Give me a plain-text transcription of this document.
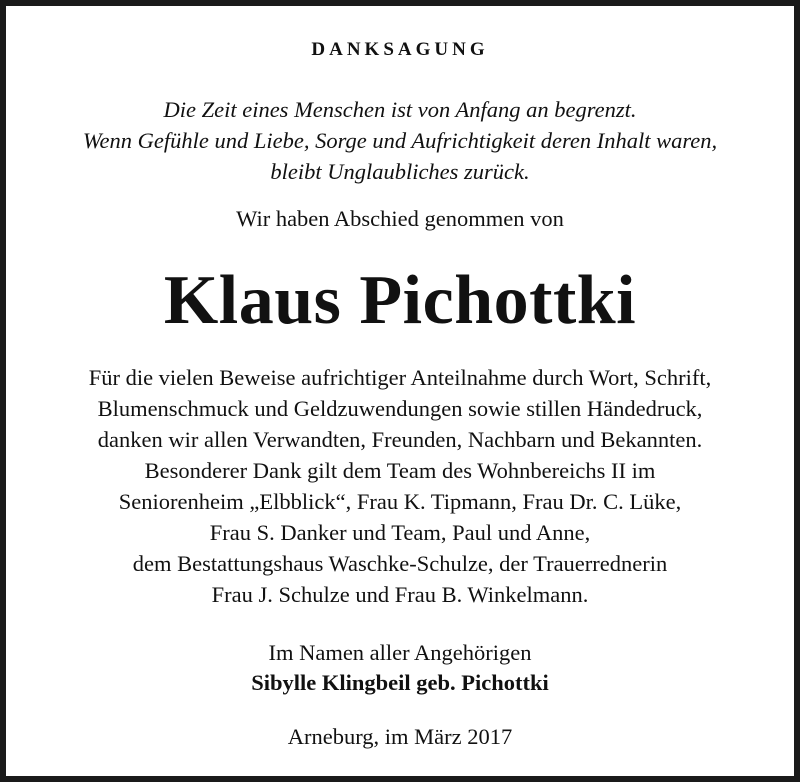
DANKSAGUNG
Die Zeit eines Menschen ist von Anfang an begrenzt.
Wenn Gefühle und Liebe, Sorge und Aufrichtigkeit deren Inhalt waren,
bleibt Unglaubliches zurück.
Wir haben Abschied genommen von
Klaus Pichottki
Für die vielen Beweise aufrichtiger Anteilnahme durch Wort, Schrift,
Blumenschmuck und Geldzuwendungen sowie stillen Händedruck,
danken wir allen Verwandten, Freunden, Nachbarn und Bekannten.
Besonderer Dank gilt dem Team des Wohnbereichs II im
Seniorenheim „Elbblick“, Frau K. Tipmann, Frau Dr. C. Lüke,
Frau S. Danker und Team, Paul und Anne,
dem Bestattungshaus Waschke-Schulze, der Trauerrednerin
Frau J. Schulze und Frau B. Winkelmann.
Im Namen aller Angehörigen
Sibylle Klingbeil geb. Pichottki
Arneburg, im März 2017
